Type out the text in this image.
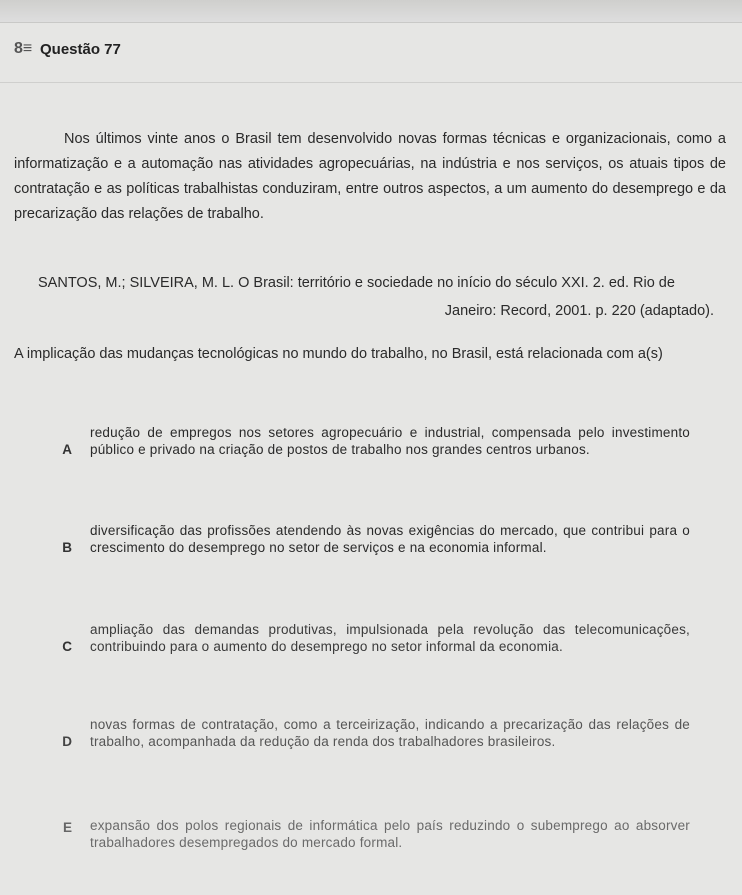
8≡ Questão 77
Nos últimos vinte anos o Brasil tem desenvolvido novas formas técnicas e organizacionais, como a informatização e a automação nas atividades agropecuárias, na indústria e nos serviços, os atuais tipos de contratação e as políticas trabalhistas conduziram, entre outros aspectos, a um aumento do desemprego e da precarização das relações de trabalho.
SANTOS, M.; SILVEIRA, M. L. O Brasil: território e sociedade no início do século XXI. 2. ed. Rio de
Janeiro: Record, 2001. p. 220 (adaptado).
A implicação das mudanças tecnológicas no mundo do trabalho, no Brasil, está relacionada com a(s)
A
redução de empregos nos setores agropecuário e industrial, compensada pelo investimento público e privado na criação de postos de trabalho nos grandes centros urbanos.
B
diversificação das profissões atendendo às novas exigências do mercado, que contribui para o crescimento do desemprego no setor de serviços e na economia informal.
C
ampliação das demandas produtivas, impulsionada pela revolução das telecomunicações, contribuindo para o aumento do desemprego no setor informal da economia.
D
novas formas de contratação, como a terceirização, indicando a precarização das relações de trabalho, acompanhada da redução da renda dos trabalhadores brasileiros.
E	expansão dos polos regionais de informática pelo país reduzindo o subemprego ao absorver trabalhadores desempregados do mercado formal.
